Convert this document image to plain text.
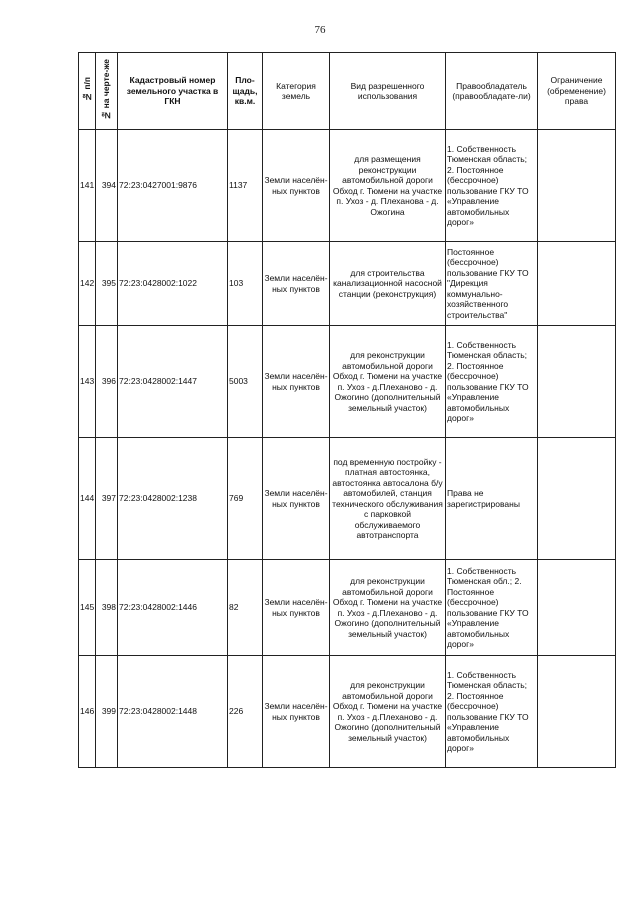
76
№ п/п	№ на черте-же	Кадастровый номер земельного участка в ГКН	Пло-щадь, кв.м.	Категория земель	Вид разрешенного использования	Правообладатель (правообладате-ли)	Ограничение (обременение) права
141	394	72:23:0427001:9876	1137	Земли населён-ных пунктов	для размещения реконструкции автомобильной дороги Обход г. Тюмени на участке п. Ухоз - д. Плеханова - д. Ожогина	1. Собственность Тюменская область; 2. Постоянное (бессрочное) пользование ГКУ ТО «Управление автомобильных дорог»	
142	395	72:23:0428002:1022	103	Земли населён-ных пунктов	для строительства канализационной насосной станции (реконструкция)	Постоянное (бессрочное) пользование ГКУ ТО "Дирекция коммунально-хозяйственного строительства"	
143	396	72:23:0428002:1447	5003	Земли населён-ных пунктов	для реконструкции автомобильной дороги Обход г. Тюмени на участке п. Ухоз - д.Плеханово - д. Ожогино (дополнительный земельный участок)	1. Собственность Тюменская область; 2. Постоянное (бессрочное) пользование ГКУ ТО «Управление автомобильных дорог»	
144	397	72:23:0428002:1238	769	Земли населён-ных пунктов	под временную постройку - платная автостоянка, автостоянка автосалона б/у автомобилей, станция технического обслуживания с парковкой обслуживаемого автотранспорта	Права не зарегистрированы	
145	398	72:23:0428002:1446	82	Земли населён-ных пунктов	для реконструкции автомобильной дороги Обход г. Тюмени на участке п. Ухоз - д.Плеханово - д. Ожогино (дополнительный земельный участок)	1. Собственность Тюменская обл.; 2. Постоянное (бессрочное) пользование ГКУ ТО «Управление автомобильных дорог»	
146	399	72:23:0428002:1448	226	Земли населён-ных пунктов	для реконструкции автомобильной дороги Обход г. Тюмени на участке п. Ухоз - д.Плеханово - д. Ожогино (дополнительный земельный участок)	1. Собственность Тюменская область; 2. Постоянное (бессрочное) пользование ГКУ ТО «Управление автомобильных дорог»	
